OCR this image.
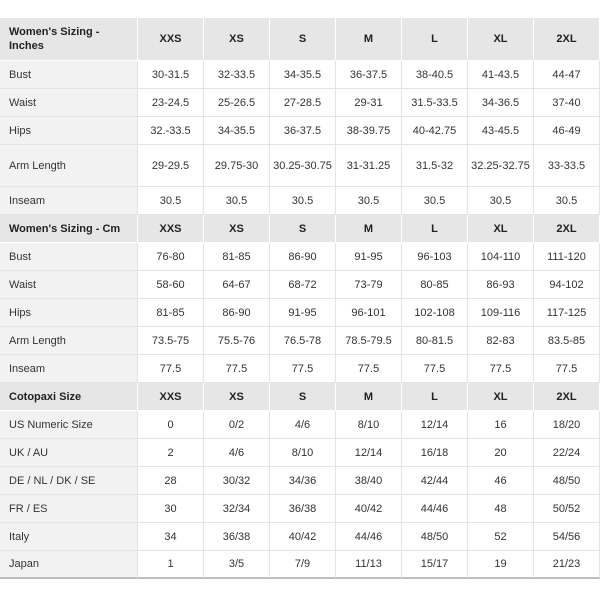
Women's Sizing - Inches	XXS	XS	S	M	L	XL	2XL
Bust	30-31.5	32-33.5	34-35.5	36-37.5	38-40.5	41-43.5	44-47
Waist	23-24.5	25-26.5	27-28.5	29-31	31.5-33.5	34-36.5	37-40
Hips	32.-33.5	34-35.5	36-37.5	38-39.75	40-42.75	43-45.5	46-49
Arm Length	29-29.5	29.75-30	30.25-30.75	31-31.25	31.5-32	32.25-32.75	33-33.5
Inseam	30.5	30.5	30.5	30.5	30.5	30.5	30.5
Women's Sizing - Cm	XXS	XS	S	M	L	XL	2XL
Bust	76-80	81-85	86-90	91-95	96-103	104-110	111-120
Waist	58-60	64-67	68-72	73-79	80-85	86-93	94-102
Hips	81-85	86-90	91-95	96-101	102-108	109-116	117-125
Arm Length	73.5-75	75.5-76	76.5-78	78.5-79.5	80-81.5	82-83	83.5-85
Inseam	77.5	77.5	77.5	77.5	77.5	77.5	77.5
Cotopaxi Size	XXS	XS	S	M	L	XL	2XL
US Numeric Size	0	0/2	4/6	8/10	12/14	16	18/20
UK / AU	2	4/6	8/10	12/14	16/18	20	22/24
DE / NL / DK / SE	28	30/32	34/36	38/40	42/44	46	48/50
FR / ES	30	32/34	36/38	40/42	44/46	48	50/52
Italy	34	36/38	40/42	44/46	48/50	52	54/56
Japan	1	3/5	7/9	11/13	15/17	19	21/23
